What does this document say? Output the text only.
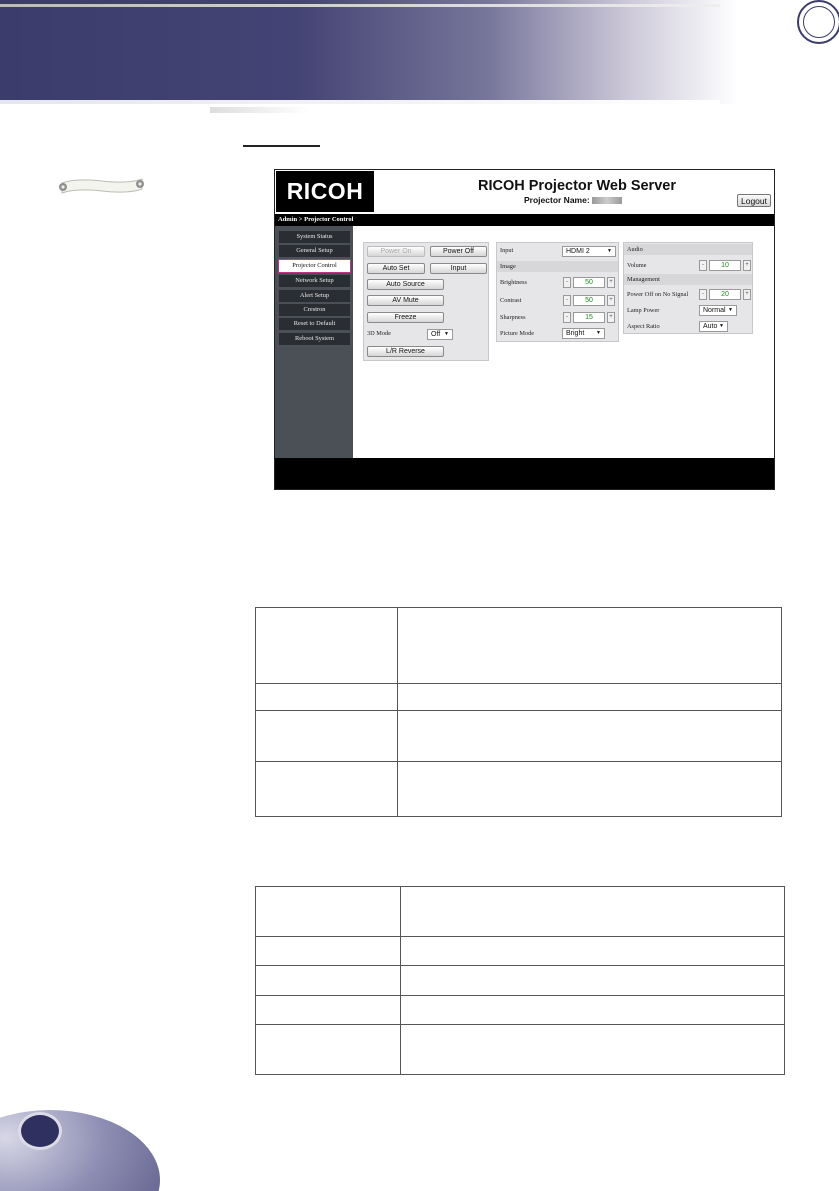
RICOH	RICOH Projector Web Server
Projector Name:	Logout
Admin > Projector Control
System Status
General Setup
Projector Control
Network Setup
Alert Setup
Crestron
Reset to Default
Reboot System
Power On	Power Off
Auto Set	Input
Auto Source
AV Mute
Freeze
3D Mode	Off ▼
L/R Reverse
Input	HDMI 2	▼
Image
Brightness	-	50	+
Contrast	-	50	+
Sharpness	-	15	+
Picture Mode	Bright ▼
Audio
Volume	-	10	+
Management
Power Off on No Signal	-	20	+
Lamp Power	Normal ▼
Aspect Ratio	Auto ▼
